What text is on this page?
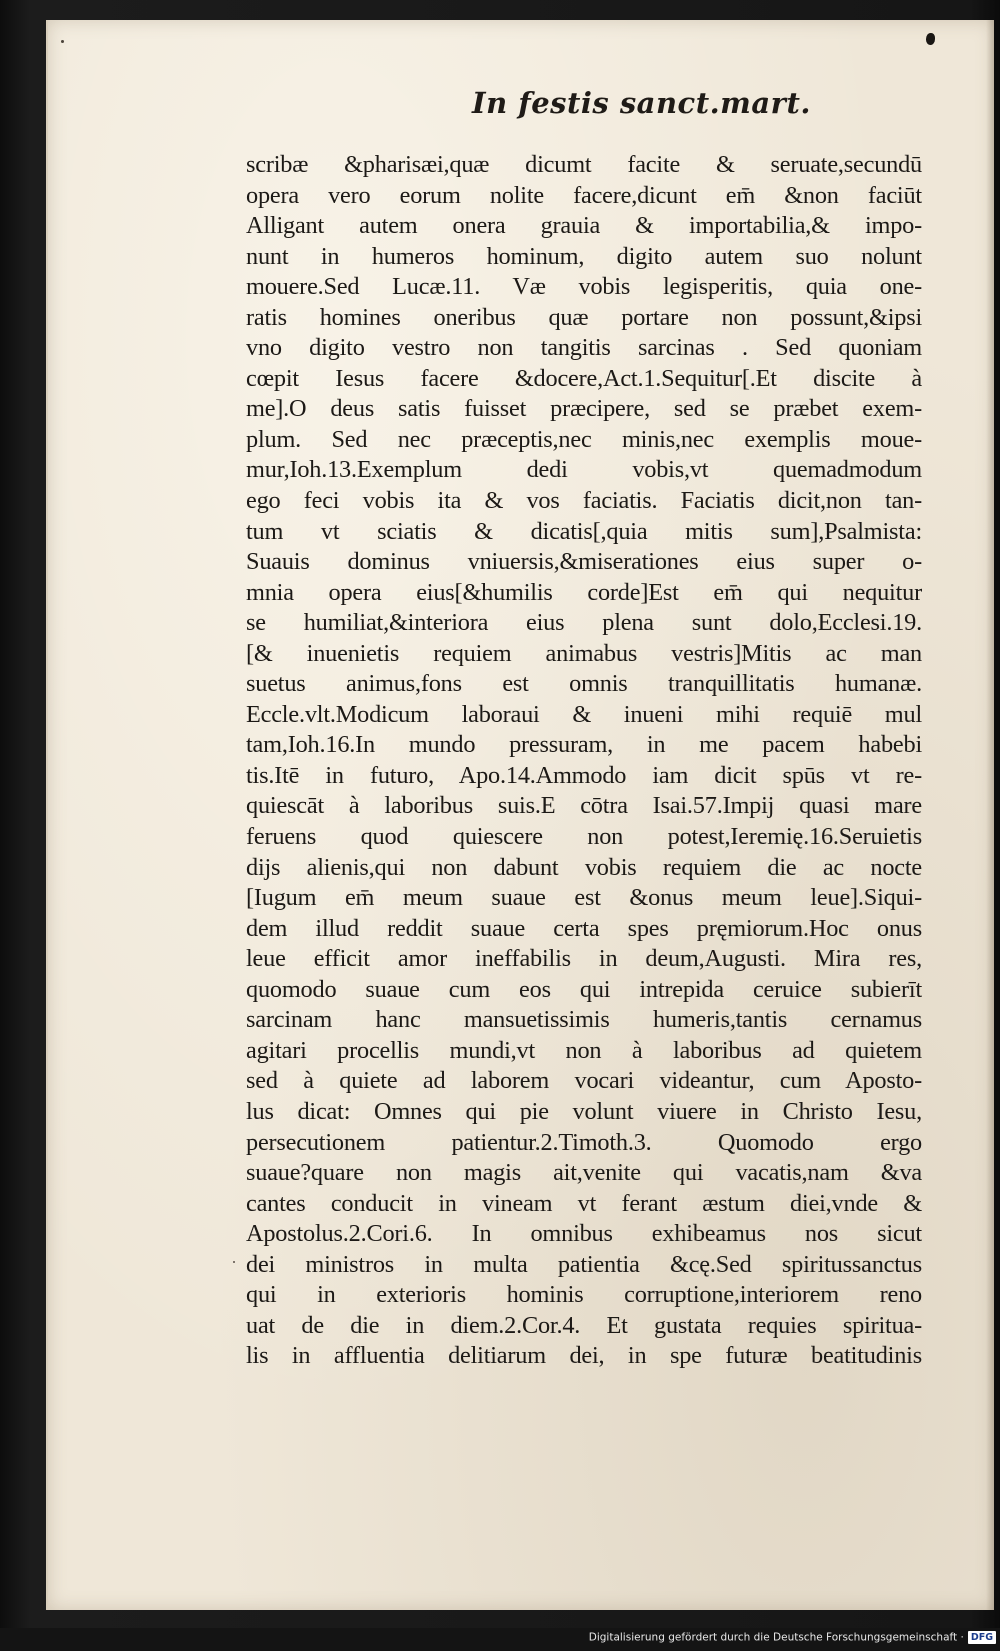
In festis sanct.mart.
scribæ &pharisæi,quæ dicumt facite & seruate,secundū
opera vero eorum nolite facere,dicunt em̄ &non faciūt
Alligant autem onera grauia & importabilia,& impo-
nunt in humeros hominum, digito autem suo nolunt
mouere.Sed Lucæ.11. Væ vobis legisperitis, quia one-
ratis homines oneribus quæ portare non possunt,&ipsi
vno digito vestro non tangitis sarcinas . Sed quoniam
cœpit Iesus facere &docere,Act.1.Sequitur[.Et discite à
me].O deus satis fuisset præcipere, sed se præbet exem-
plum. Sed nec præceptis,nec minis,nec exemplis moue-
mur,Ioh.13.Exemplum dedi vobis,vt quemadmodum
ego feci vobis ita & vos faciatis. Faciatis dicit,non tan-
tum vt sciatis & dicatis[,quia mitis sum],Psalmista:
Suauis dominus vniuersis,&miserationes eius super o-
mnia opera eius[&humilis corde]Est em̄ qui nequitur
se humiliat,&interiora eius plena sunt dolo,Ecclesi.19.
[& inuenietis requiem animabus vestris]Mitis ac man
suetus animus,fons est omnis tranquillitatis humanæ.
Eccle.vlt.Modicum laboraui & inueni mihi requiē mul
tam,Ioh.16.In mundo pressuram, in me pacem habebi
tis.Itē in futuro, Apo.14.Ammodo iam dicit spūs vt re-
quiescāt à laboribus suis.E cōtra Isai.57.Impij quasi mare
feruens quod quiescere non potest,Ieremię.16.Seruietis
dijs alienis,qui non dabunt vobis requiem die ac nocte
[Iugum em̄ meum suaue est &onus meum leue].Siqui-
dem illud reddit suaue certa spes pręmiorum.Hoc onus
leue efficit amor ineffabilis in deum,Augusti. Mira res,
quomodo suaue cum eos qui intrepida ceruice subierīt
sarcinam hanc mansuetissimis humeris,tantis cernamus
agitari procellis mundi,vt non à laboribus ad quietem
sed à quiete ad laborem vocari videantur, cum Aposto-
lus dicat: Omnes qui pie volunt viuere in Christo Iesu,
persecutionem patientur.2.Timoth.3. Quomodo ergo
suaue?quare non magis ait,venite qui vacatis,nam &va
cantes conducit in vineam vt ferant æstum diei,vnde &
Apostolus.2.Cori.6. In omnibus exhibeamus nos sicut
dei ministros in multa patientia &cę.Sed spiritussanctus
qui in exterioris hominis corruptione,interiorem reno
uat de die in diem.2.Cor.4. Et gustata requies spiritua-
lis in affluentia delitiarum dei, in spe futuræ beatitudinis
Digitalisierung gefördert durch die Deutsche Forschungsgemeinschaft · DFG
